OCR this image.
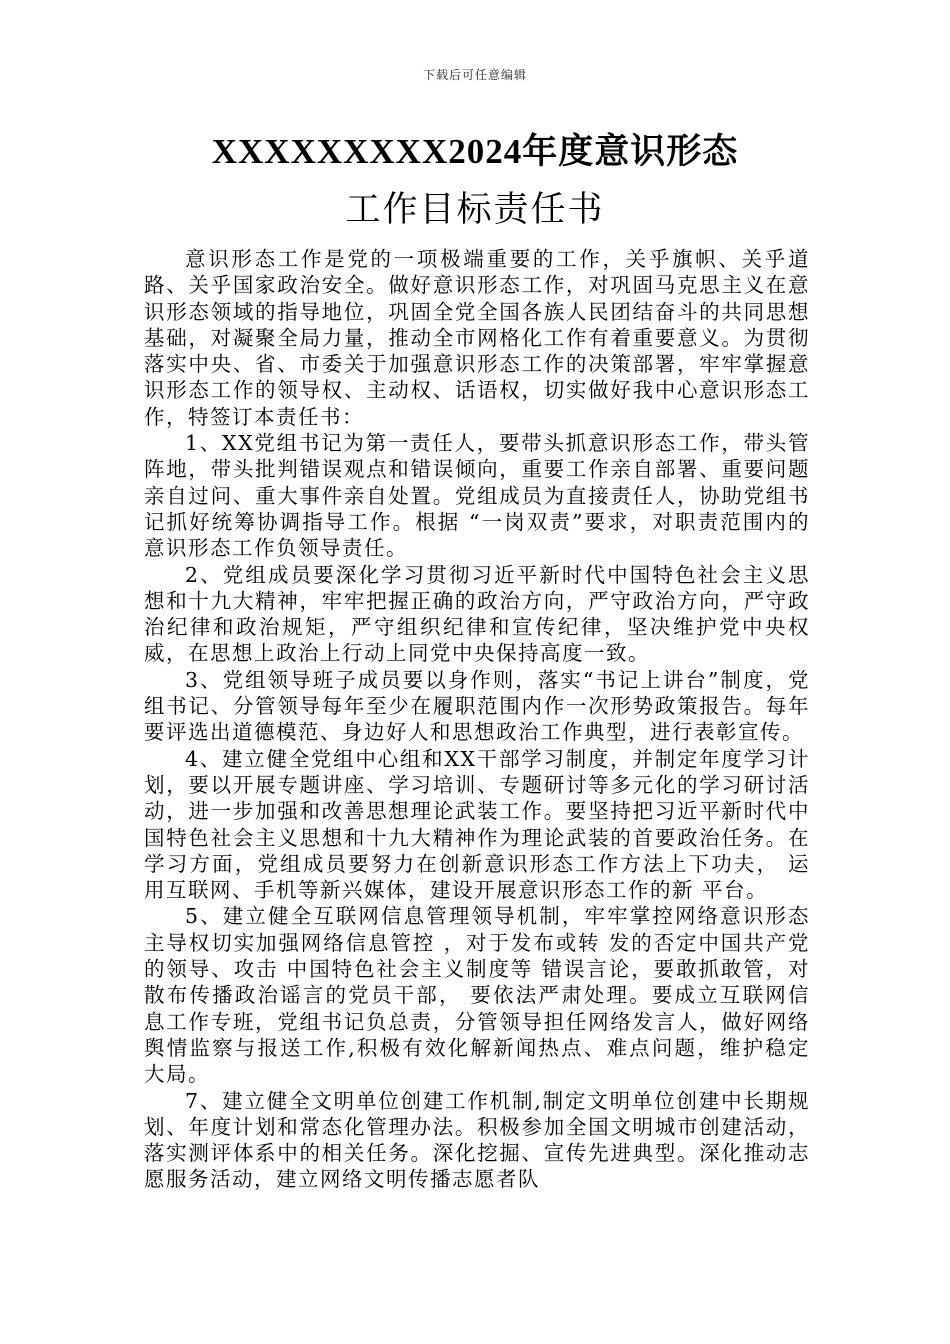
下载后可任意编辑
XXXXXXXXX2024年度意识形态
工作目标责任书

意识形态工作是党的一项极端重要的工作，关乎旗帜、关乎道路、关乎国家政治安全。做好意识形态工作，对巩固马克思主义在意识形态领域的指导地位，巩固全党全国各族人民团结奋斗的共同思想基础，对凝聚全局力量，推动全市网格化工作有着重要意义。为贯彻落实中央、省、市委关于加强意识形态工作的决策部署，牢牢掌握意识形态工作的领导权、主动权、话语权，切实做好我中心意识形态工作，特签订本责任书：

1、XX党组书记为第一责任人，要带头抓意识形态工作，带头管阵地，带头批判错误观点和错误倾向，重要工作亲自部署、重要问题亲自过问、重大事件亲自处置。党组成员为直接责任人，协助党组书记抓好统筹协调指导工作。根据 “一岗双责”要求，对职责范围内的意识形态工作负领导责任。

2、党组成员要深化学习贯彻习近平新时代中国特色社会主义思想和十九大精神，牢牢把握正确的政治方向，严守政治方向，严守政治纪律和政治规矩，严守组织纪律和宣传纪律，坚决维护党中央权威，在思想上政治上行动上同党中央保持高度一致。

3、党组领导班子成员要以身作则，落实“书记上讲台”制度，党组书记、分管领导每年至少在履职范围内作一次形势政策报告。每年要评选出道德模范、身边好人和思想政治工作典型，进行表彰宣传。

4、建立健全党组中心组和XX干部学习制度，并制定年度学习计划，要以开展专题讲座、学习培训、专题研讨等多元化的学习研讨活动，进一步加强和改善思想理论武装工作。要坚持把习近平新时代中国特色社会主义思想和十九大精神作为理论武装的首要政治任务。在学习方面，党组成员要努力在创新意识形态工作方法上下功夫， 运用互联网、手机等新兴媒体，建设开展意识形态工作的新 平台。

5、建立健全互联网信息管理领导机制，牢牢掌控网络意识形态主导权切实加强网络信息管控 ，对于发布或转 发的否定中国共产党的领导、攻击 中国特色社会主义制度等 错误言论，要敢抓敢管，对散布传播政治谣言的党员干部， 要依法严肃处理。要成立互联网信息工作专班，党组书记负总责，分管领导担任网络发言人，做好网络舆情监察与报送工作,积极有效化解新闻热点、难点问题，维护稳定大局。

7、建立健全文明单位创建工作机制,制定文明单位创建中长期规划、年度计划和常态化管理办法。积极参加全国文明城市创建活动，落实测评体系中的相关任务。深化挖掘、宣传先进典型。深化推动志愿服务活动，建立网络文明传播志愿者队
